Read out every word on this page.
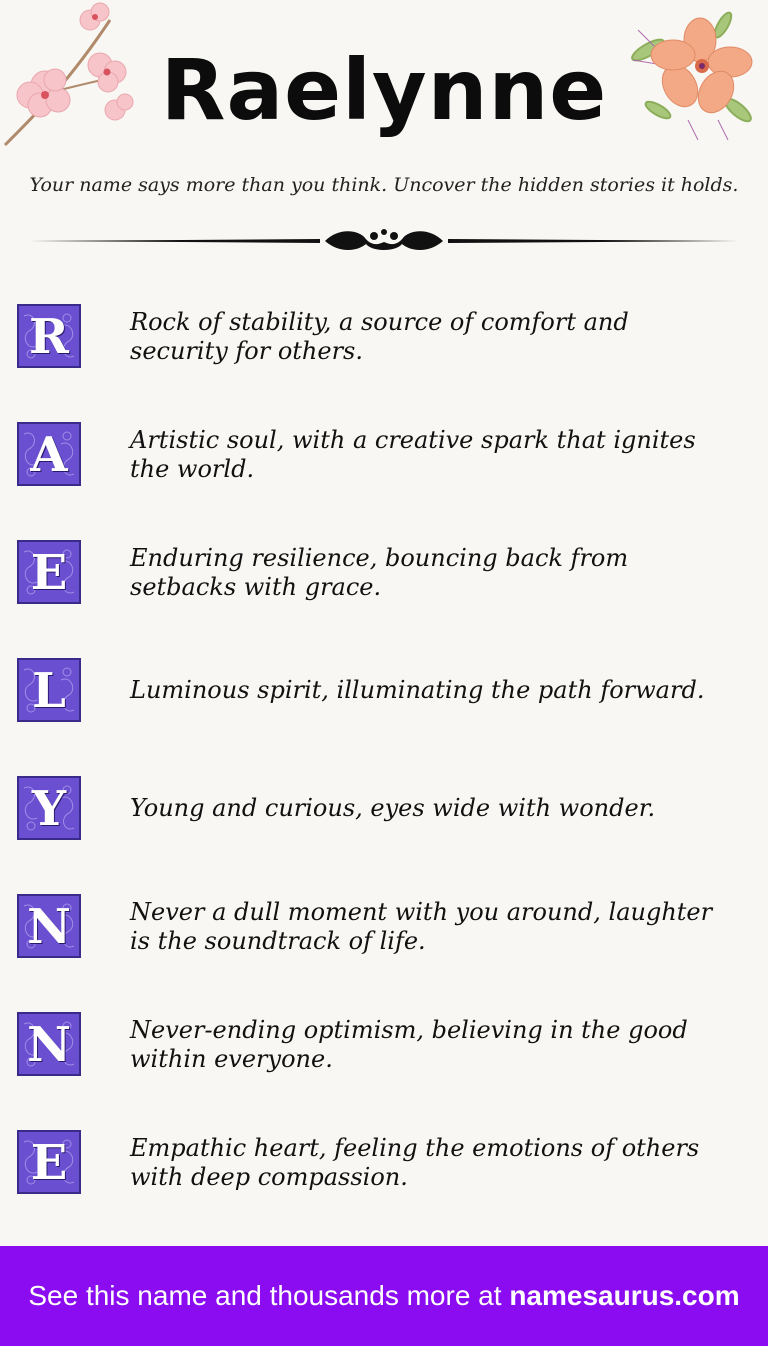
Raelynne
Your name says more than you think. Uncover the hidden stories it holds.
R	Rock of stability, a source of comfort and security for others.
A	Artistic soul, with a creative spark that ignites the world.
E	Enduring resilience, bouncing back from setbacks with grace.
L	Luminous spirit, illuminating the path forward.
Y	Young and curious, eyes wide with wonder.
N	Never a dull moment with you around, laughter is the soundtrack of life.
N	Never-ending optimism, believing in the good within everyone.
E	Empathic heart, feeling the emotions of others with deep compassion.
See this name and thousands more at namesaurus.com
